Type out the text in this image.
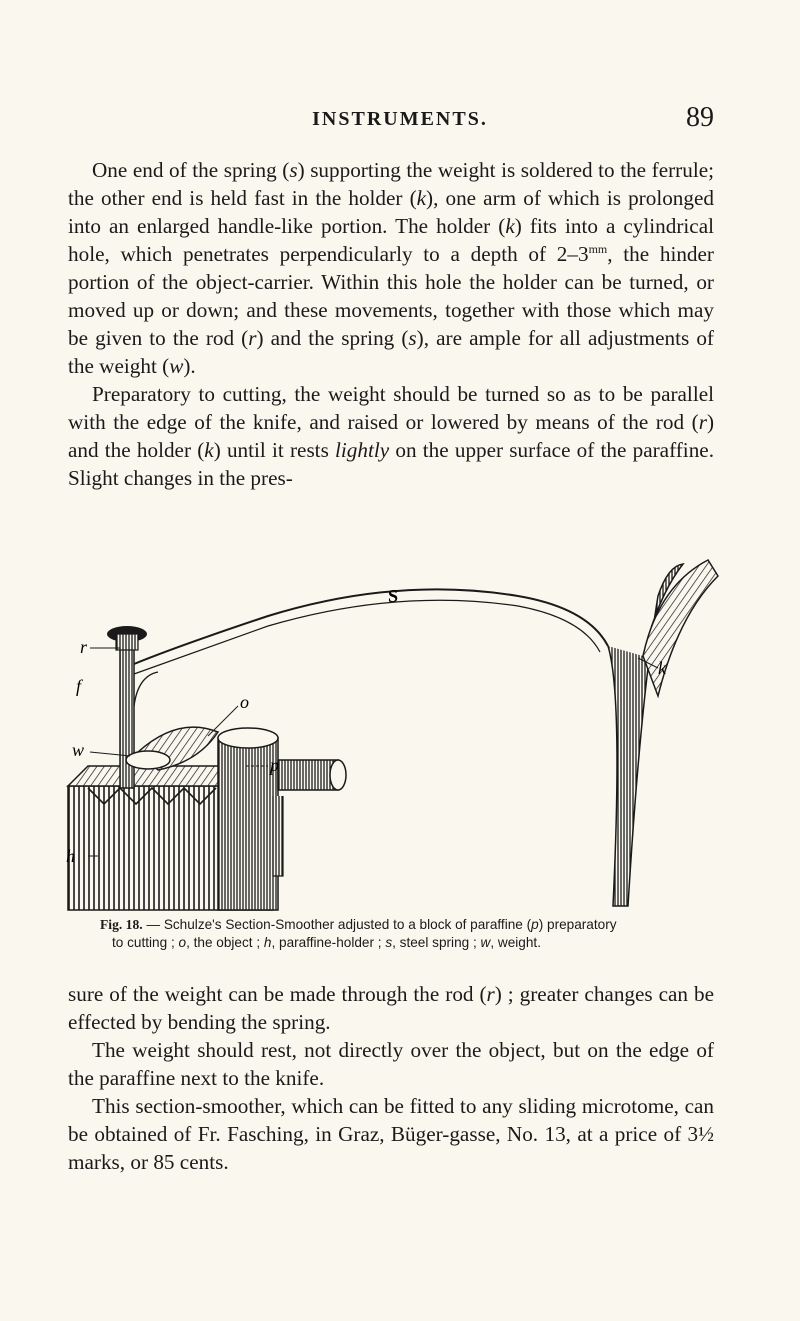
INSTRUMENTS.	89

One end of the spring (s) supporting the weight is soldered to the ferrule; the other end is held fast in the holder (k), one arm of which is prolonged into an enlarged handle-like portion. The holder (k) fits into a cylindrical hole, which penetrates perpendicularly to a depth of $2-3^{mm}$, the hinder portion of the object-carrier. Within this hole the holder can be turned, or moved up or down; and these movements, together with those which may be given to the rod (r) and the spring (s), are ample for all adjustments of the weight (w).

Preparatory to cutting, the weight should be turned so as to be parallel with the edge of the knife, and raised or lowered by means of the rod (r) and the holder (k) until it rests lightly on the upper surface of the paraffine. Slight changes in the pres-

S
r
f
w
o
p
k
h
Fig. 18. — Schulze's Section-Smoother adjusted to a block of paraffine (p) preparatory
to cutting ; o, the object ; h, paraffine-holder ; s, steel spring ; w, weight.

sure of the weight can be made through the rod (r) ; greater changes can be effected by bending the spring.

The weight should rest, not directly over the object, but on the edge of the paraffine next to the knife.

This section-smoother, which can be fitted to any sliding microtome, can be obtained of Fr. Fasching, in Graz, Büger-gasse, No. 13, at a price of 3½ marks, or 85 cents.
